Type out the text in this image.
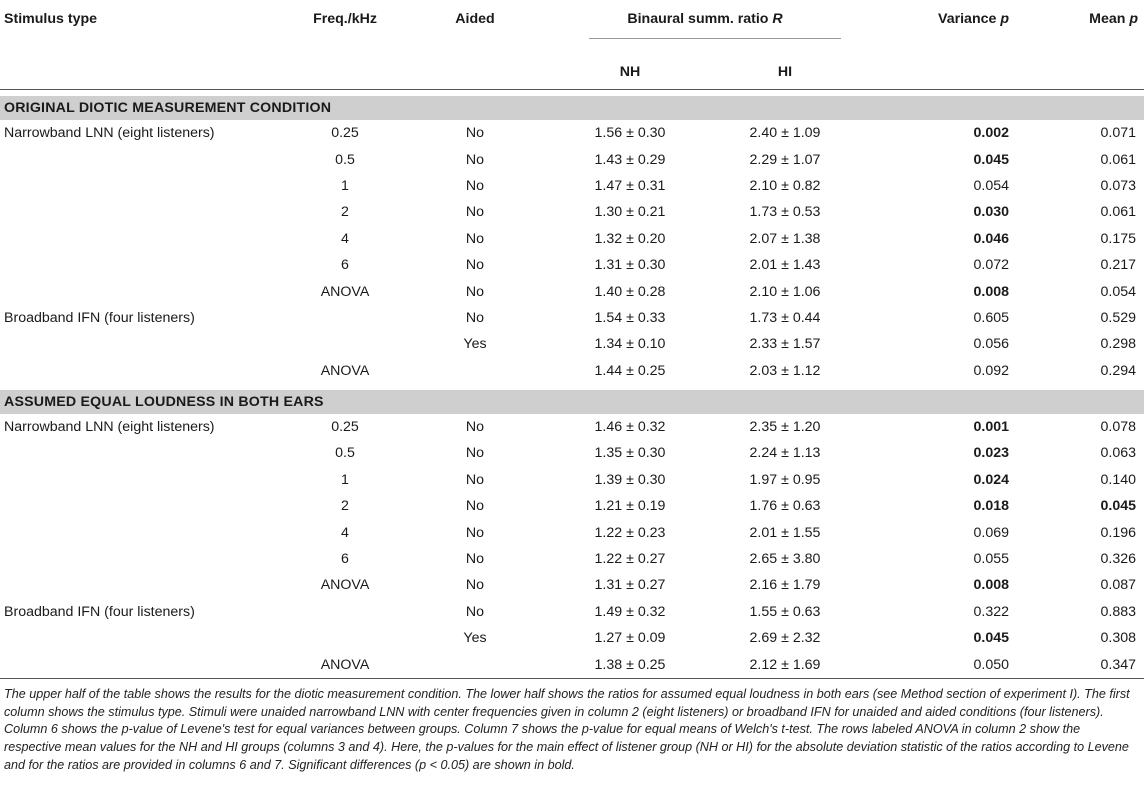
Stimulus type	Freq./kHz	Aided	Binaural summ. ratio R		Variance p	Mean p
			NH	HI		

ORIGINAL DIOTIC MEASUREMENT CONDITION						
Narrowband LNN (eight listeners)	0.25	No	1.56 ± 0.30	2.40 ± 1.09	0.002	0.071
	0.5	No	1.43 ± 0.29	2.29 ± 1.07	0.045	0.061
	1	No	1.47 ± 0.31	2.10 ± 0.82	0.054	0.073
	2	No	1.30 ± 0.21	1.73 ± 0.53	0.030	0.061
	4	No	1.32 ± 0.20	2.07 ± 1.38	0.046	0.175
	6	No	1.31 ± 0.30	2.01 ± 1.43	0.072	0.217
	ANOVA	No	1.40 ± 0.28	2.10 ± 1.06	0.008	0.054
Broadband IFN (four listeners)		No	1.54 ± 0.33	1.73 ± 0.44	0.605	0.529
		Yes	1.34 ± 0.10	2.33 ± 1.57	0.056	0.298
	ANOVA		1.44 ± 0.25	2.03 ± 1.12	0.092	0.294

ASSUMED EQUAL LOUDNESS IN BOTH EARS						
Narrowband LNN (eight listeners)	0.25	No	1.46 ± 0.32	2.35 ± 1.20	0.001	0.078
	0.5	No	1.35 ± 0.30	2.24 ± 1.13	0.023	0.063
	1	No	1.39 ± 0.30	1.97 ± 0.95	0.024	0.140
	2	No	1.21 ± 0.19	1.76 ± 0.63	0.018	0.045
	4	No	1.22 ± 0.23	2.01 ± 1.55	0.069	0.196
	6	No	1.22 ± 0.27	2.65 ± 3.80	0.055	0.326
	ANOVA	No	1.31 ± 0.27	2.16 ± 1.79	0.008	0.087
Broadband IFN (four listeners)		No	1.49 ± 0.32	1.55 ± 0.63	0.322	0.883
		Yes	1.27 ± 0.09	2.69 ± 2.32	0.045	0.308
	ANOVA		1.38 ± 0.25	2.12 ± 1.69	0.050	0.347
The upper half of the table shows the results for the diotic measurement condition. The lower half shows the ratios for assumed equal loudness in both ears (see Method section of experiment I). The first column shows the stimulus type. Stimuli were unaided narrowband LNN with center frequencies given in column 2 (eight listeners) or broadband IFN for unaided and aided conditions (four listeners). Column 6 shows the p-value of Levene's test for equal variances between groups. Column 7 shows the p-value for equal means of Welch's t-test. The rows labeled ANOVA in column 2 show the respective mean values for the NH and HI groups (columns 3 and 4). Here, the p-values for the main effect of listener group (NH or HI) for the absolute deviation statistic of the ratios according to Levene and for the ratios are provided in columns 6 and 7. Significant differences (p < 0.05) are shown in bold.
